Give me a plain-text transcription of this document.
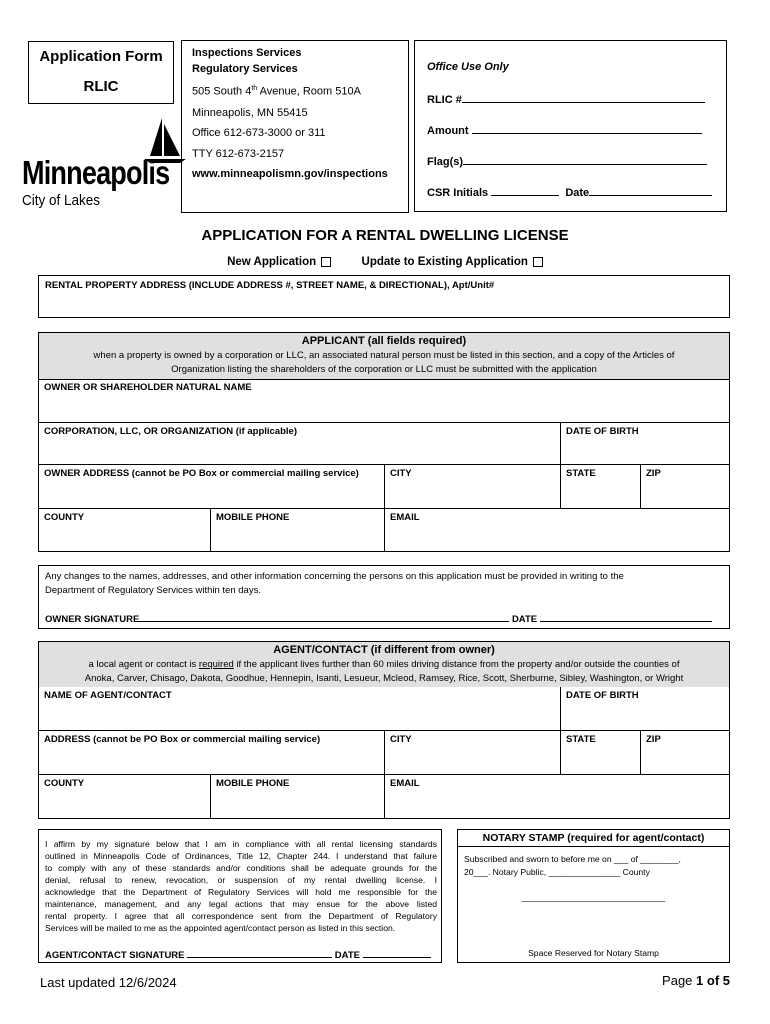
Application Form
RLIC
Minneapolis
City of Lakes
Inspections Services
Regulatory Services
505 South 4th Avenue, Room 510A
Minneapolis, MN 55415
Office 612-673-3000 or 311
TTY 612-673-2157
www.minneapolismn.gov/inspections
Office Use Only
RLIC #
Amount
Flag(s)
CSR Initials	Date
APPLICATION FOR A RENTAL DWELLING LICENSE
New Application	Update to Existing Application
RENTAL PROPERTY ADDRESS (INCLUDE ADDRESS #, STREET NAME, & DIRECTIONAL), Apt/Unit#
APPLICANT (all fields required)
when a property is owned by a corporation or LLC, an associated natural person must be listed in this section, and a copy of the Articles of
Organization listing the shareholders of the corporation or LLC must be submitted with the application
OWNER OR SHAREHOLDER NATURAL NAME
CORPORATION, LLC, OR ORGANIZATION (if applicable)	DATE OF BIRTH
OWNER ADDRESS (cannot be PO Box or commercial mailing service)	CITY	STATE	ZIP
COUNTY	MOBILE PHONE	EMAIL
Any changes to the names, addresses, and other information concerning the persons on this application must be provided in writing to the
Department of Regulatory Services within ten days.
OWNER SIGNATURE	DATE
AGENT/CONTACT (if different from owner)
a local agent or contact is required if the applicant lives further than 60 miles driving distance from the property and/or outside the counties of
Anoka, Carver, Chisago, Dakota, Goodhue, Hennepin, Isanti, Lesueur, Mcleod, Ramsey, Rice, Scott, Sherburne, Sibley, Washington, or Wright
NAME OF AGENT/CONTACT	DATE OF BIRTH
ADDRESS (cannot be PO Box or commercial mailing service)	CITY	STATE	ZIP
COUNTY	MOBILE PHONE	EMAIL
I affirm by my signature below that I am in compliance with all rental licensing standards
outlined in Minneapolis Code of Ordinances, Title 12, Chapter 244. I understand that failure
to comply with any of these standards and/or conditions shall be adequate grounds for the
denial, refusal to renew, revocation, or suspension of my rental dwelling license. I
acknowledge that the Department of Regulatory Services will hold me responsible for the
maintenance, management, and any legal actions that may ensue for the above listed
rental property. I agree that all correspondence sent from the Department of Regulatory
Services will be mailed to me as the appointed agent/contact person as listed in this section.
AGENT/CONTACT SIGNATURE	DATE
NOTARY STAMP (required for agent/contact)
Subscribed and sworn to before me on ___ of ________,
20___. Notary Public, _______________ County
______________________________
Space Reserved for Notary Stamp
Last updated 12/6/2024	Page 1 of 5
